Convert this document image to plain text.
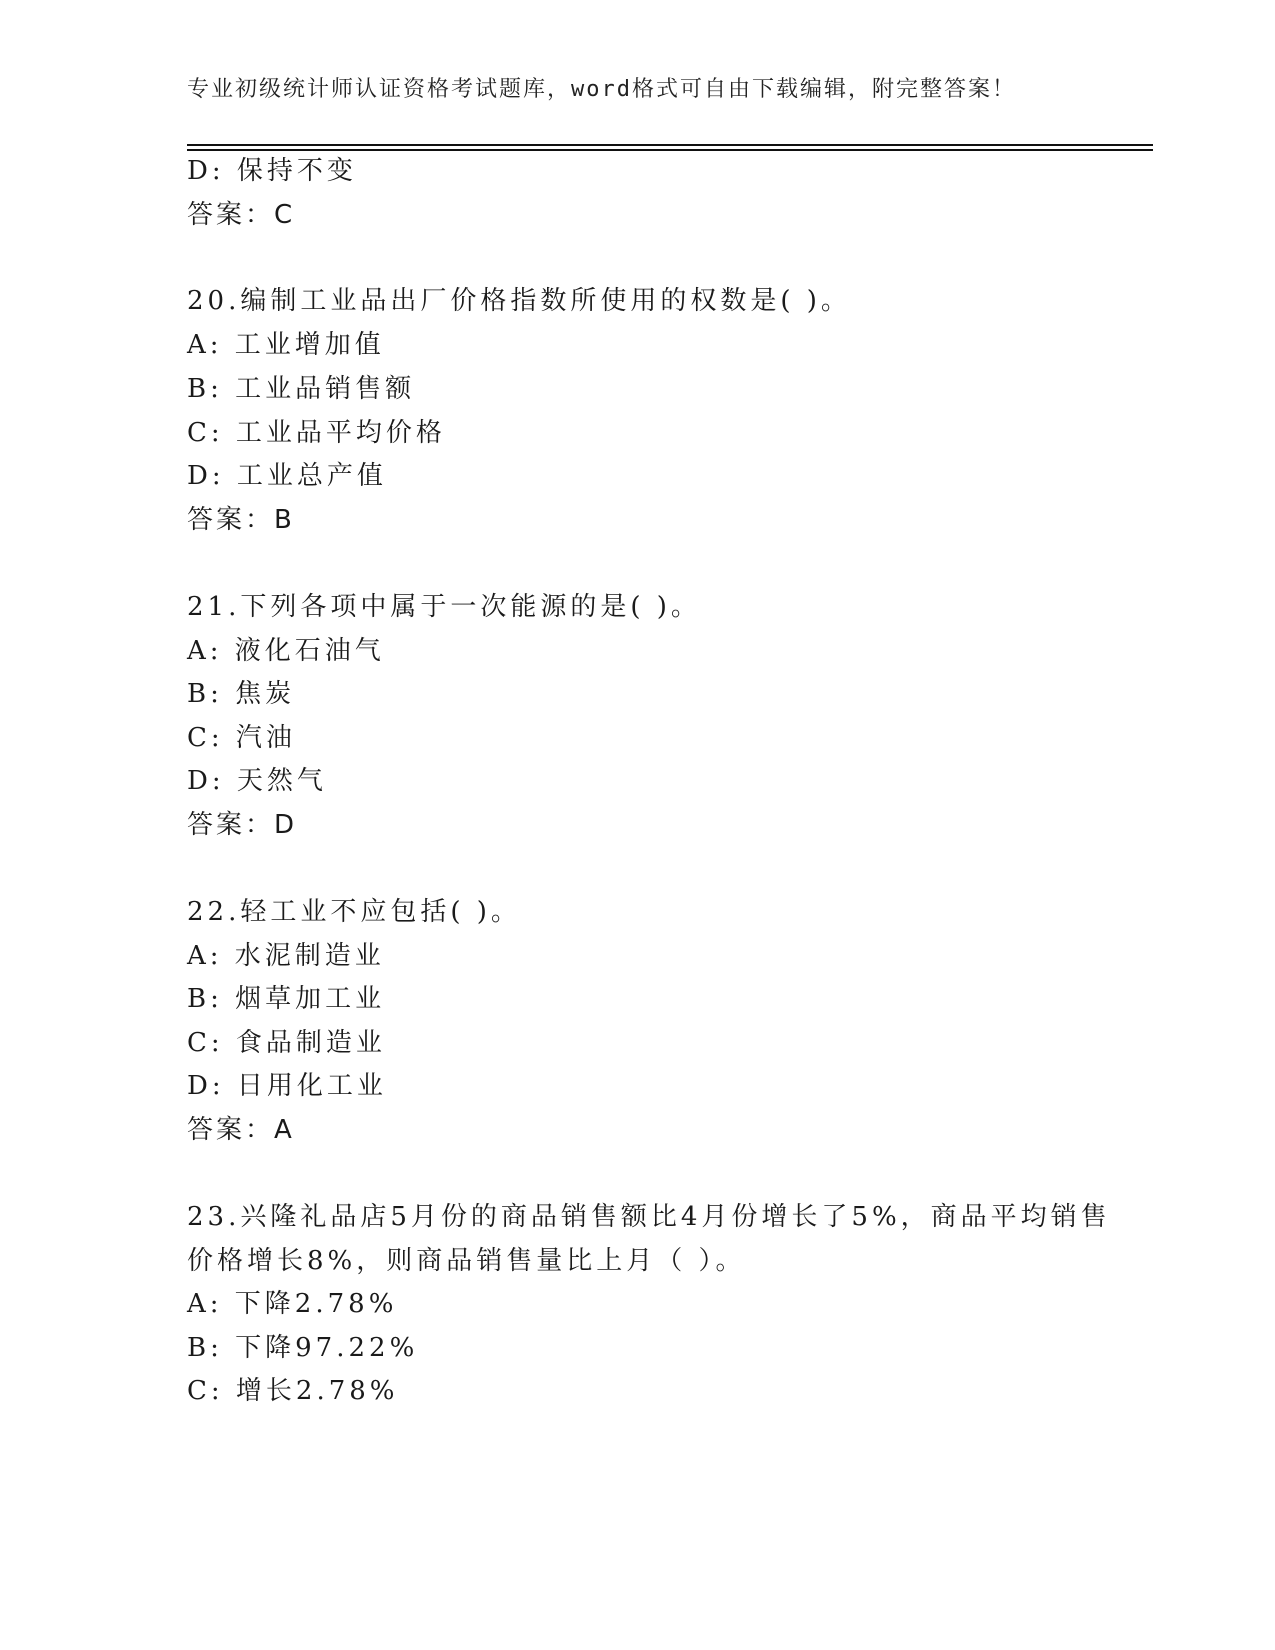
专业初级统计师认证资格考试题库，word格式可自由下载编辑，附完整答案！
D: 保持不变
答案：C
20.编制工业品出厂价格指数所使用的权数是( )。
A: 工业增加值
B: 工业品销售额
C: 工业品平均价格
D: 工业总产值
答案：B
21.下列各项中属于一次能源的是( )。
A: 液化石油气
B: 焦炭
C: 汽油
D: 天然气
答案：D
22.轻工业不应包括( )。
A: 水泥制造业
B: 烟草加工业
C: 食品制造业
D: 日用化工业
答案：A
23.兴隆礼品店5月份的商品销售额比4月份增长了5%，商品平均销售
价格增长8%，则商品销售量比上月（ ）。
A: 下降2.78%
B: 下降97.22%
C: 增长2.78%
